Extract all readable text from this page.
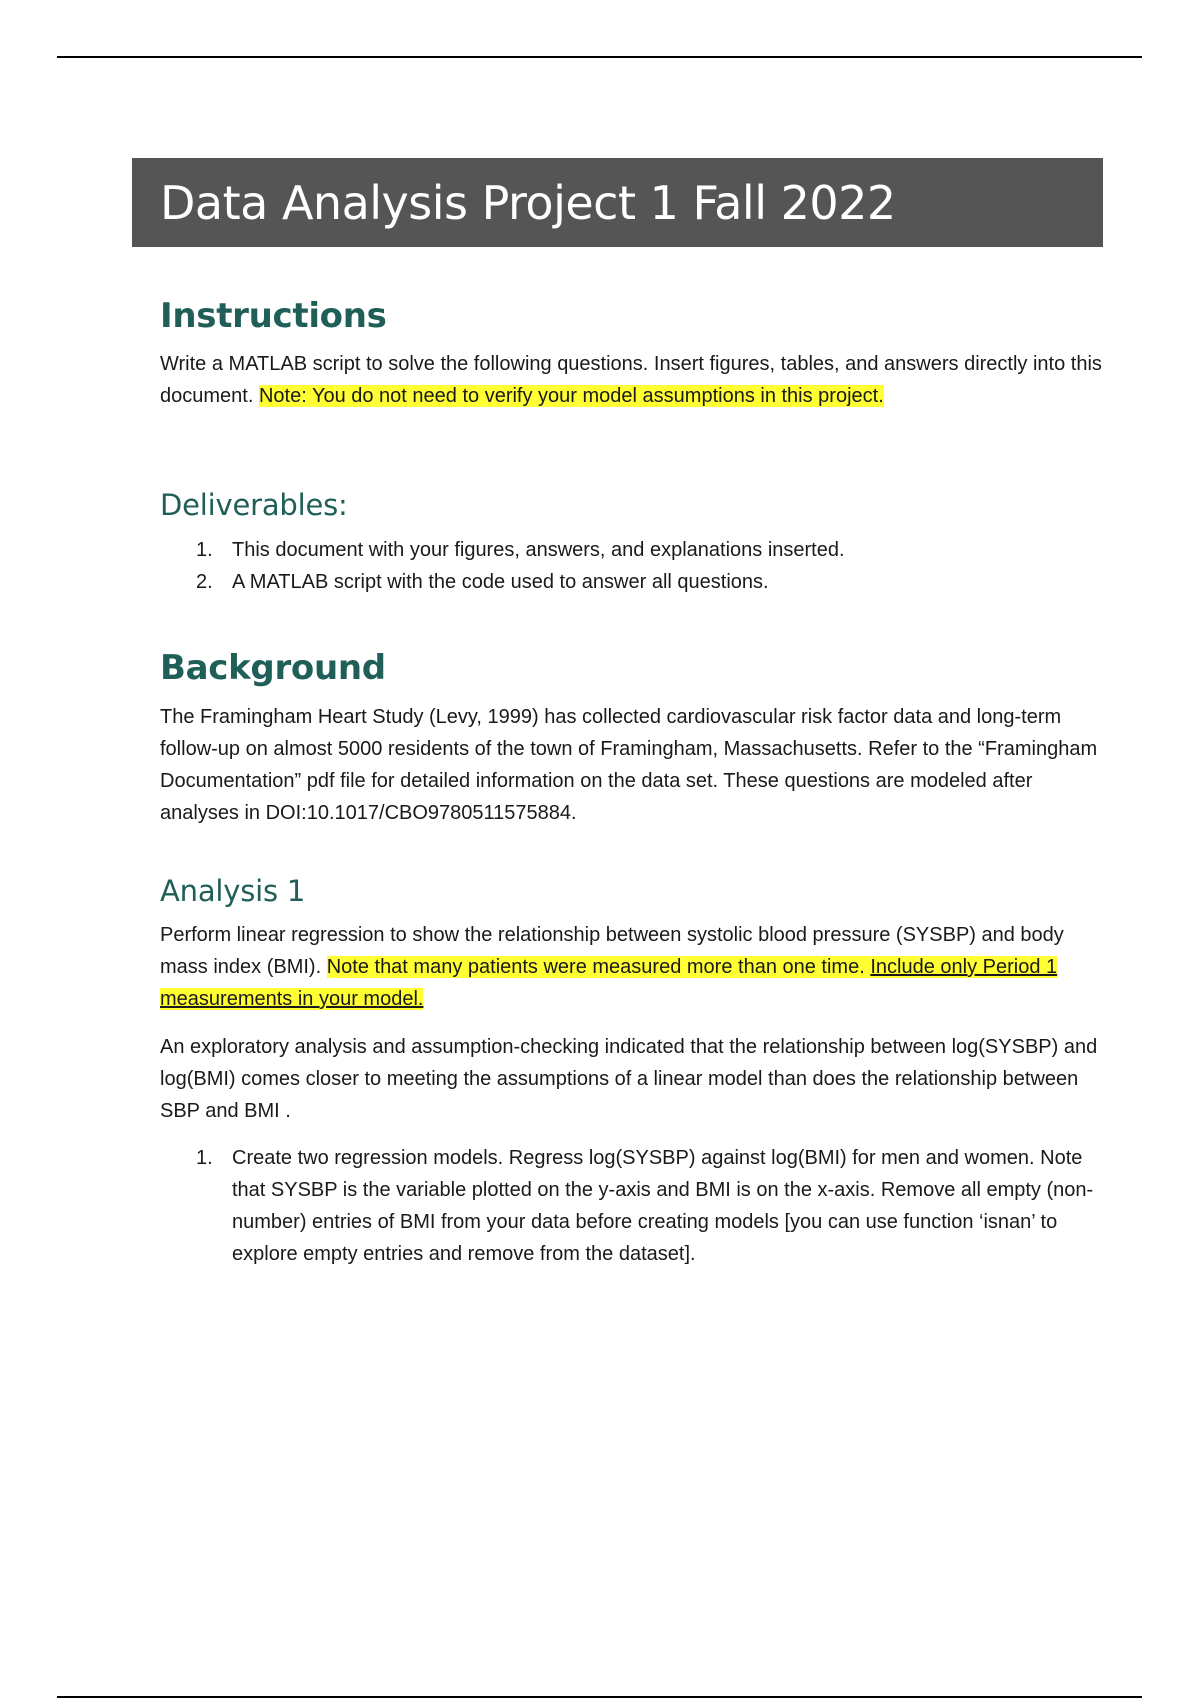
Data Analysis Project 1 Fall 2022
Instructions

Write a MATLAB script to solve the following questions. Insert figures, tables, and answers directly into this document. Note: You do not need to verify your model assumptions in this project.

Deliverables:
1. This document with your figures, answers, and explanations inserted.
2. A MATLAB script with the code used to answer all questions.
Background

The Framingham Heart Study (Levy, 1999) has collected cardiovascular risk factor data and long-term follow-up on almost 5000 residents of the town of Framingham, Massachusetts. Refer to the “Framingham Documentation” pdf file for detailed information on the data set. These questions are modeled after analyses in DOI:10.1017/CBO9780511575884.

Analysis 1

Perform linear regression to show the relationship between systolic blood pressure (SYSBP) and body mass index (BMI). Note that many patients were measured more than one time. Include only Period 1 measurements in your model.

An exploratory analysis and assumption-checking indicated that the relationship between log(SYSBP) and log(BMI) comes closer to meeting the assumptions of a linear model than does the relationship between SBP and BMI .

1. Create two regression models. Regress log(SYSBP) against log(BMI) for men and women. Note that SYSBP is the variable plotted on the y-axis and BMI is on the x-axis. Remove all empty (non-number) entries of BMI from your data before creating models [you can use function ‘isnan’ to explore empty entries and remove from the dataset].
